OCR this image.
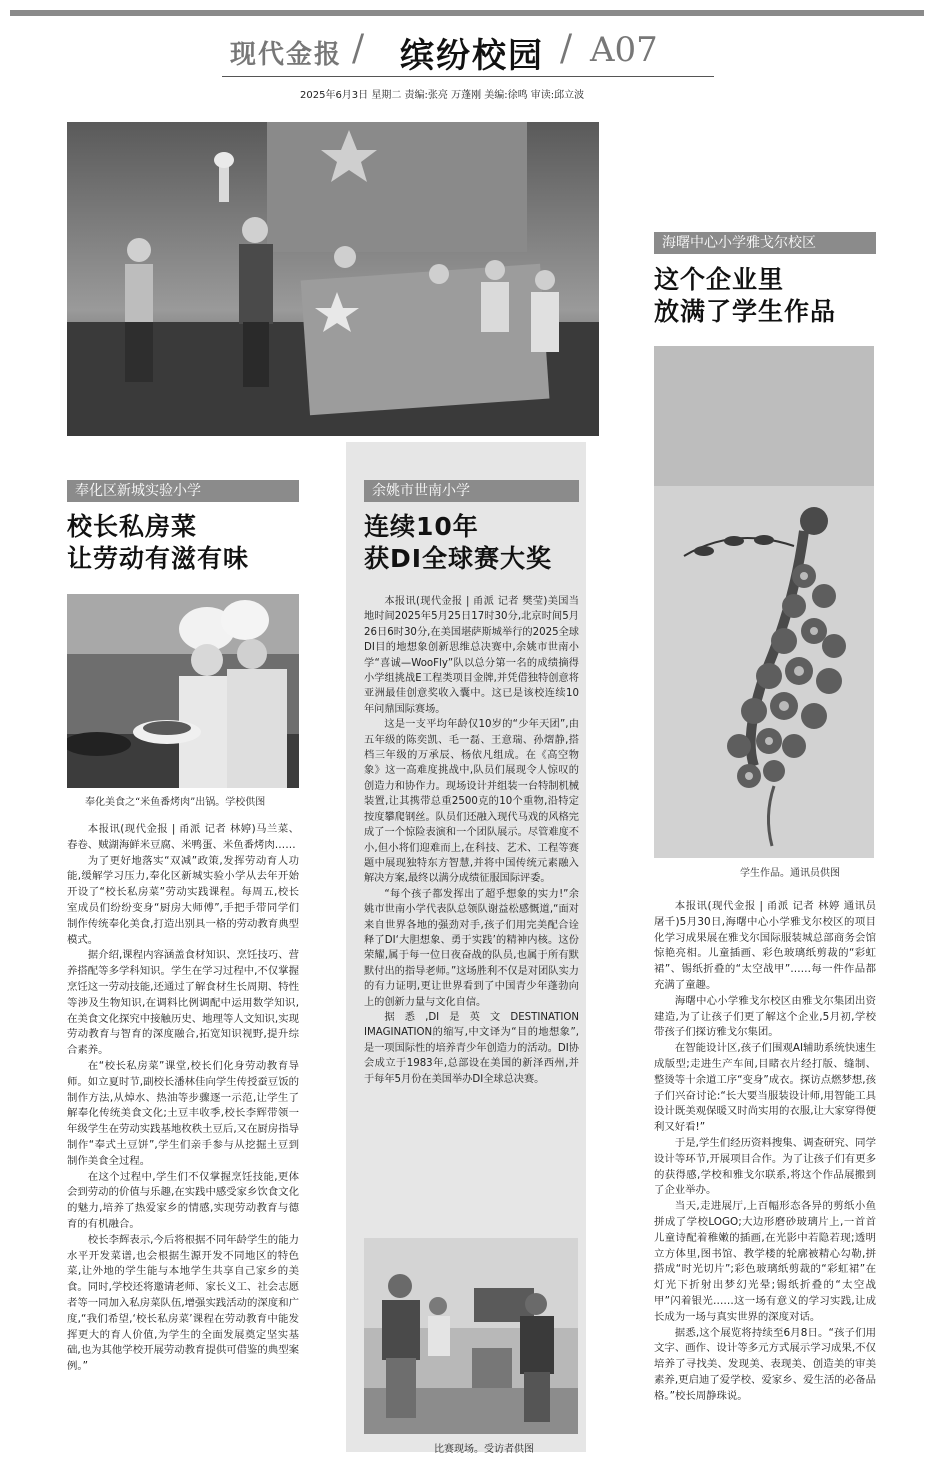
现代金报 / 缤纷校园 / A07
2025年6月3日 星期二 责编:张亮 万蓬刚 美编:徐鸣 审读:邱立波
奉化区新城实验小学
校长私房菜
让劳动有滋有味
奉化美食之“米鱼番烤肉”出锅。学校供图

本报讯(现代金报 | 甬派 记者 林婷)马兰菜、春卷、贼湖海鲜米豆腐、米鸭蛋、米鱼番烤肉……

为了更好地落实“双减”政策,发挥劳动育人功能,缓解学习压力,奉化区新城实验小学从去年开始开设了“校长私房菜”劳动实践课程。每周五,校长室成员们纷纷变身“厨房大师傅”,手把手带同学们制作传统奉化美食,打造出别具一格的劳动教育典型模式。

据介绍,课程内容涵盖食材知识、烹饪技巧、营养搭配等多学科知识。学生在学习过程中,不仅掌握烹饪这一劳动技能,还通过了解食材生长周期、特性等涉及生物知识,在调料比例调配中运用数学知识,在美食文化探究中接触历史、地理等人文知识,实现劳动教育与智育的深度融合,拓宽知识视野,提升综合素养。

在“校长私房菜”课堂,校长们化身劳动教育导师。如立夏时节,副校长潘林佳向学生传授蚕豆饭的制作方法,从焯水、热油等步骤逐一示范,让学生了解奉化传统美食文化;土豆丰收季,校长李辉带领一年级学生在劳动实践基地枚秩土豆后,又在厨房指导制作“奉式土豆饼”,学生们亲手参与从挖掘土豆到制作美食全过程。

在这个过程中,学生们不仅掌握烹饪技能,更体会到劳动的价值与乐趣,在实践中感受家乡饮食文化的魅力,培养了热爱家乡的情感,实现劳动教育与德育的有机融合。

校长李辉表示,今后将根据不同年龄学生的能力水平开发菜谱,也会根据生源开发不同地区的特色菜,让外地的学生能与本地学生共享自己家乡的美食。同时,学校还将邀请老师、家长义工、社会志愿者等一同加入私房菜队伍,增强实践活动的深度和广度,“我们希望,‘校长私房菜’课程在劳动教育中能发挥更大的育人价值,为学生的全面发展奠定坚实基础,也为其他学校开展劳动教育提供可借鉴的典型案例。”

余姚市世南小学
连续10年
获DI全球赛大奖

本报讯(现代金报 | 甬派 记者 樊莹)美国当地时间2025年5月25日17时30分,北京时间5月26日6时30分,在美国堪萨斯城举行的2025全球DI目的地想象创新思维总决赛中,余姚市世南小学“喜诚—WooFly”队以总分第一名的成绩摘得小学组挑战E工程类项目金牌,并凭借独特创意将亚洲最佳创意奖收入囊中。这已是该校连续10年问鼎国际赛场。

这是一支平均年龄仅10岁的“少年天团”,由五年级的陈奕凯、毛一磊、王意瑞、孙熠静,搭档三年级的万承辰、杨依凡组成。在《高空物象》这一高难度挑战中,队员们展现令人惊叹的创造力和协作力。现场设计并组装一台特制机械装置,让其携带总重2500克的10个重物,沿特定按度攀爬钢丝。队员们还融入现代马戏的风格完成了一个惊险表演和一个团队展示。尽管难度不小,但小将们迎难而上,在科技、艺术、工程等赛题中展现独特东方智慧,并将中国传统元素融入解决方案,最终以满分成绩征服国际评委。

“每个孩子都发挥出了超乎想象的实力!”余姚市世南小学代表队总领队谢益松感慨道,“面对来自世界各地的强劲对手,孩子们用完美配合诠释了DI‘大胆想象、勇于实践’的精神内核。这份荣耀,属于每一位日夜奋战的队员,也属于所有默默付出的指导老师。”这场胜利不仅是对团队实力的有力证明,更让世界看到了中国青少年蓬勃向上的创新力量与文化自信。

据悉,DI是英文DESTINATION IMAGINATION的缩写,中文译为“目的地想象”,是一项国际性的培养青少年创造力的活动。DI协会成立于1983年,总部设在美国的新泽西州,并于每年5月份在美国举办DI全球总决赛。

比赛现场。受访者供图
海曙中心小学雅戈尔校区
这个企业里
放满了学生作品
学生作品。通讯员供图

本报讯(现代金报 | 甬派 记者 林婷 通讯员 屠千)5月30日,海曙中心小学雅戈尔校区的项目化学习成果展在雅戈尔国际服装城总部商务会馆惊艳亮相。儿童插画、彩色玻璃纸剪裁的“彩虹裙”、锡纸折叠的“太空战甲”……每一件作品都充满了童趣。

海曙中心小学雅戈尔校区由雅戈尔集团出资建造,为了让孩子们更了解这个企业,5月初,学校带孩子们探访雅戈尔集团。

在智能设计区,孩子们围观AI辅助系统快速生成版型;走进生产车间,目睹衣片经打版、缝制、整烫等十余道工序“变身”成衣。探访点燃梦想,孩子们兴奋讨论:“长大要当服装设计师,用智能工具设计既美观保暖又时尚实用的衣服,让大家穿得便利又好看!”

于是,学生们经历资料搜集、调查研究、同学设计等环节,开展项目合作。为了让孩子们有更多的获得感,学校和雅戈尔联系,将这个作品展搬到了企业举办。

当天,走进展厅,上百幅形态各异的剪纸小鱼拼成了学校LOGO;大边形磨砂玻璃片上,一首首儿童诗配着稚嫩的插画,在光影中若隐若现;透明立方体里,图书馆、教学楼的轮廓被精心勾勒,拼搭成“时光切片”;彩色玻璃纸剪裁的“彩虹裙”在灯光下折射出梦幻光晕;锡纸折叠的“太空战甲”闪着银光……这一场有意义的学习实践,让成长成为一场与真实世界的深度对话。

据悉,这个展览将持续至6月8日。“孩子们用文字、画作、设计等多元方式展示学习成果,不仅培养了寻找美、发现美、表现美、创造美的审美素养,更启迪了爱学校、爱家乡、爱生活的必备品格。”校长周静珠说。
